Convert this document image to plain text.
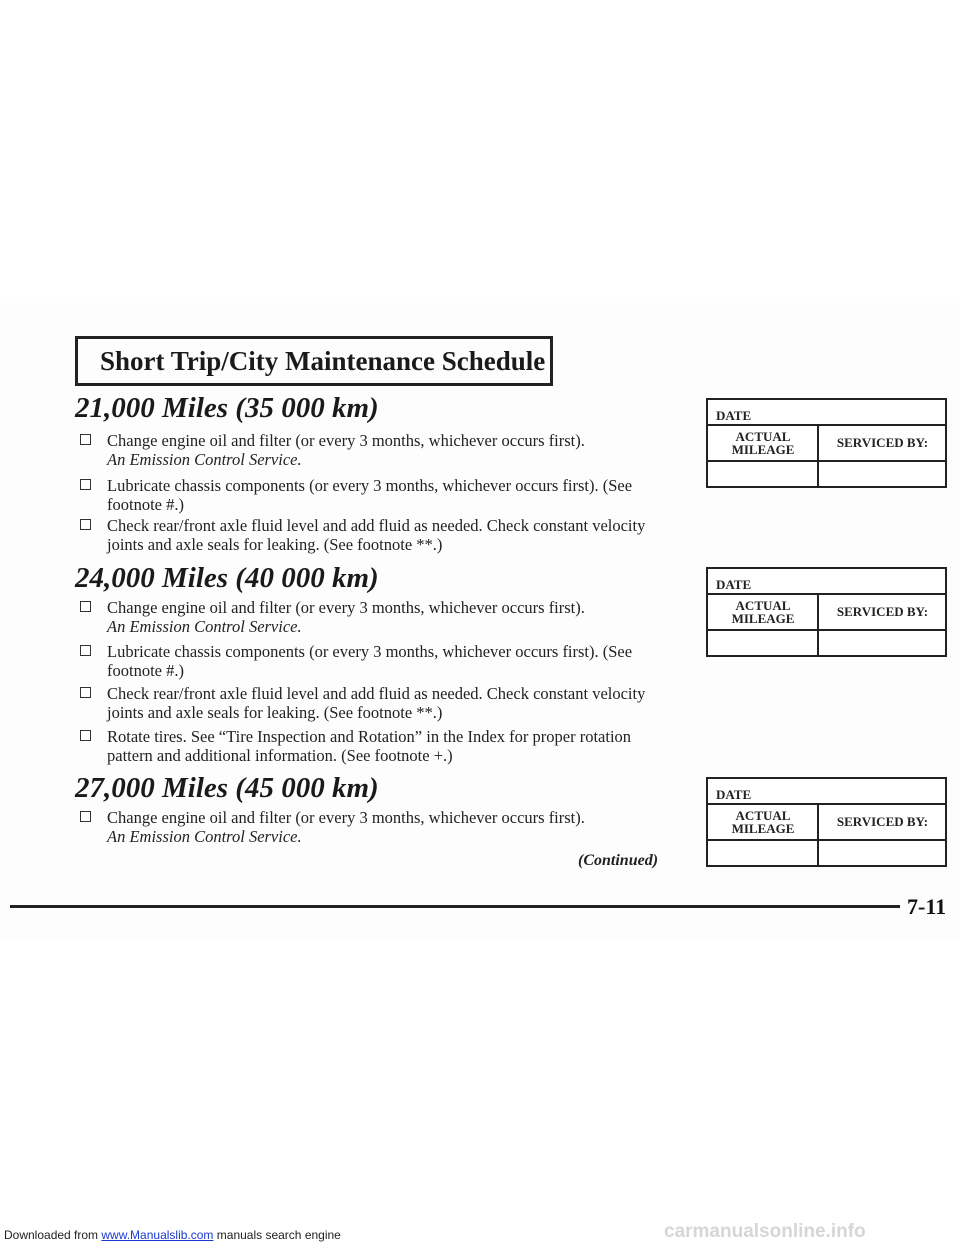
Short Trip/City Maintenance Schedule
21,000 Miles (35 000 km)
Change engine oil and filter (or every 3 months, whichever occurs first).
An Emission Control Service.
Lubricate chassis components (or every 3 months, whichever occurs first). (See footnote #.)
Check rear/front axle fluid level and add fluid as needed. Check constant velocity joints and axle seals for leaking. (See footnote **.)
DATE
ACTUAL MILEAGE	SERVICED BY:
24,000 Miles (40 000 km)
Change engine oil and filter (or every 3 months, whichever occurs first).
An Emission Control Service.
Lubricate chassis components (or every 3 months, whichever occurs first). (See footnote #.)
Check rear/front axle fluid level and add fluid as needed. Check constant velocity joints and axle seals for leaking. (See footnote **.)
Rotate tires. See “Tire Inspection and Rotation” in the Index for proper rotation pattern and additional information. (See footnote +.)
DATE
ACTUAL MILEAGE	SERVICED BY:
27,000 Miles (45 000 km)
Change engine oil and filter (or every 3 months, whichever occurs first).
An Emission Control Service.
DATE
ACTUAL MILEAGE	SERVICED BY:
(Continued)
7-11
Downloaded from www.Manualslib.com manuals search engine	carmanualsonline.info
